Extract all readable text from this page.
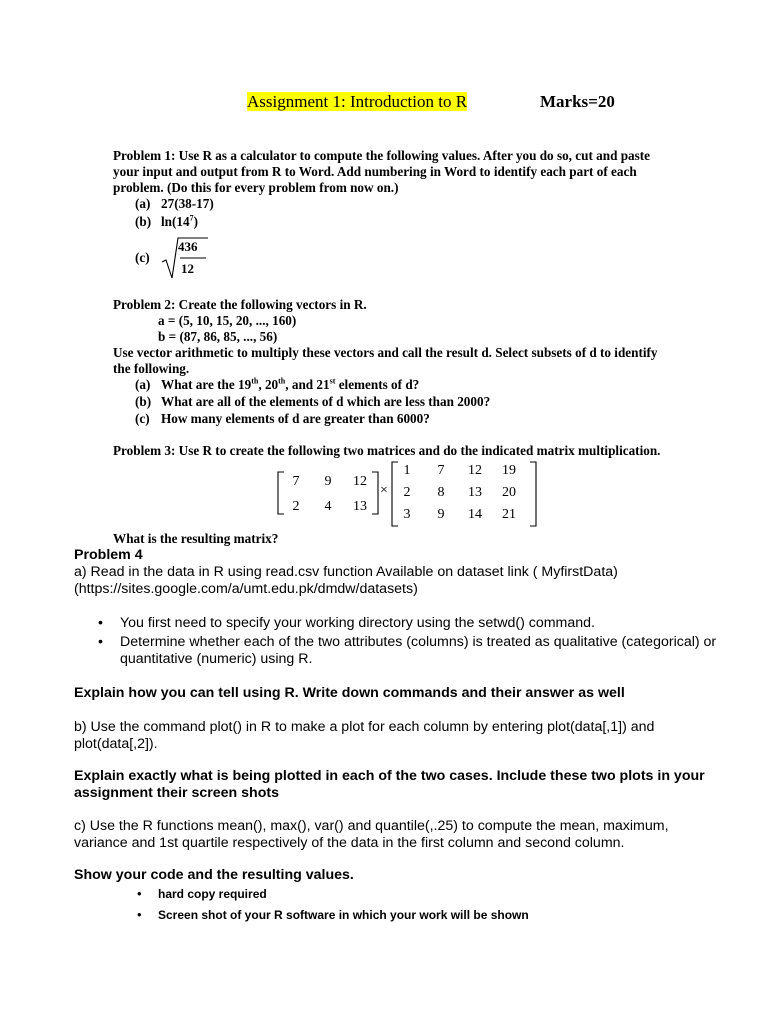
Assignment 1: Introduction to R	Marks=20
Problem 1: Use R as a calculator to compute the following values. After you do so, cut and paste
your input and output from R to Word. Add numbering in Word to identify each part of each
problem. (Do this for every problem from now on.)
(a) 27(38-17)
(b) $\ln(14^7)$
(c)
436
12
Problem 2: Create the following vectors in R.
a = (5, 10, 15, 20, ..., 160)
b = (87, 86, 85, ..., 56)
Use vector arithmetic to multiply these vectors and call the result d. Select subsets of d to identify
the following.
(a) What are the 19th, 20th, and 21st elements of d?
(b) What are all of the elements of d which are less than 2000?
(c) How many elements of d are greater than 6000?
Problem 3: Use R to create the following two matrices and do the indicated matrix multiplication.
7	9	12
2	4	13
×
1	7	12	19
2	8	13	20
3	9	14	21
What is the resulting matrix?
Problem 4
a) Read in the data in R using read.csv function Available on dataset link ( MyfirstData)
(https://sites.google.com/a/umt.edu.pk/dmdw/datasets)
• You first need to specify your working directory using the setwd() command.
• Determine whether each of the two attributes (columns) is treated as qualitative (categorical) or
quantitative (numeric) using R.
Explain how you can tell using R. Write down commands and their answer as well
b) Use the command plot() in R to make a plot for each column by entering plot(data[,1]) and
plot(data[,2]).
Explain exactly what is being plotted in each of the two cases. Include these two plots in your
assignment their screen shots
c) Use the R functions mean(), max(), var() and quantile(,.25) to compute the mean, maximum,
variance and 1st quartile respectively of the data in the first column and second column.
Show your code and the resulting values.
• hard copy required
• Screen shot of your R software in which your work will be shown
